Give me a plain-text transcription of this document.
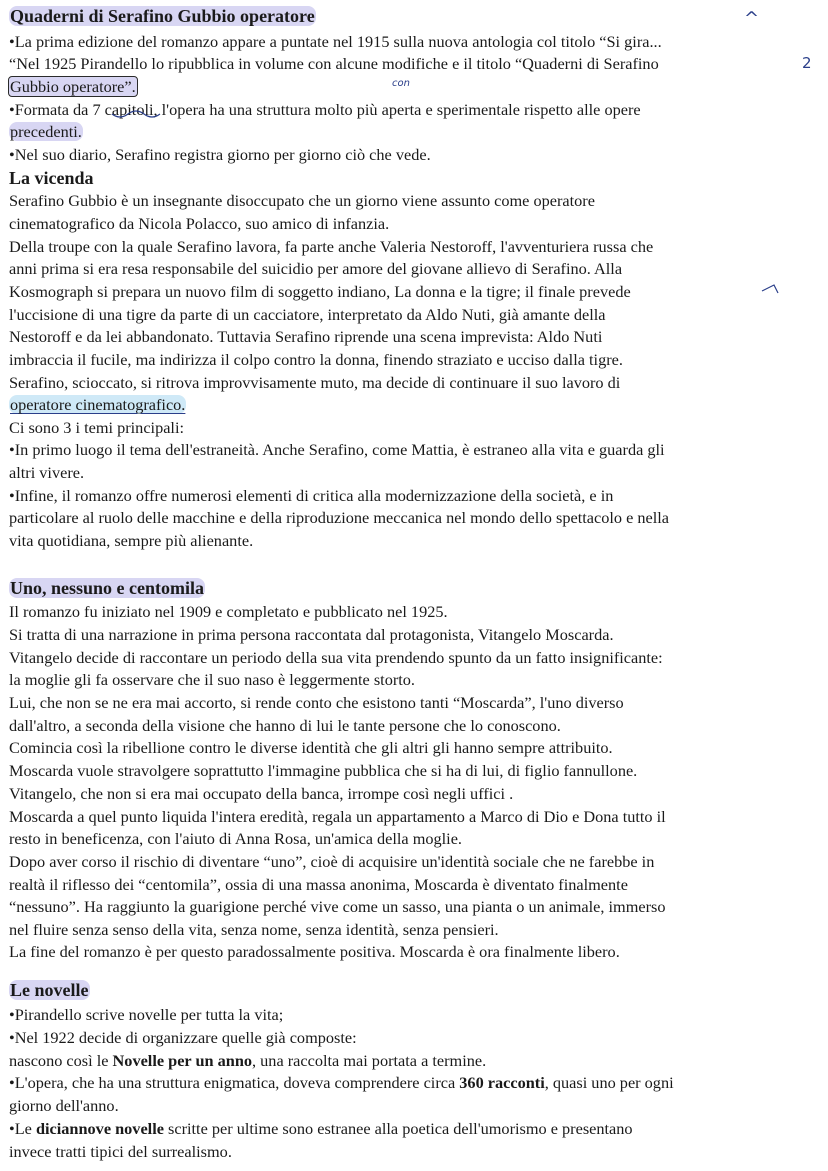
Quaderni di Serafino Gubbio operatore
•La prima edizione del romanzo appare a puntate nel 1915 sulla nuova antologia col titolo “Si gira...
“Nel 1925 Pirandello lo ripubblica in volume con alcune modifiche e il titolo “Quaderni di Serafino
Gubbio operatore”.
•Formata da 7 capitoli, l'opera ha una struttura molto più aperta e sperimentale rispetto alle opere
precedenti.
•Nel suo diario, Serafino registra giorno per giorno ciò che vede.
La vicenda
Serafino Gubbio è un insegnante disoccupato che un giorno viene assunto come operatore
cinematografico da Nicola Polacco, suo amico di infanzia.
Della troupe con la quale Serafino lavora, fa parte anche Valeria Nestoroff, l'avventuriera russa che
anni prima si era resa responsabile del suicidio per amore del giovane allievo di Serafino. Alla
Kosmograph si prepara un nuovo film di soggetto indiano, La donna e la tigre; il finale prevede
l'uccisione di una tigre da parte di un cacciatore, interpretato da Aldo Nuti, già amante della
Nestoroff e da lei abbandonato. Tuttavia Serafino riprende una scena imprevista: Aldo Nuti
imbraccia il fucile, ma indirizza il colpo contro la donna, finendo straziato e ucciso dalla tigre.
Serafino, scioccato, si ritrova improvvisamente muto, ma decide di continuare il suo lavoro di
operatore cinematografico.
Ci sono 3 i temi principali:
•In primo luogo il tema dell'estraneità. Anche Serafino, come Mattia, è estraneo alla vita e guarda gli
altri vivere.
•Infine, il romanzo offre numerosi elementi di critica alla modernizzazione della società, e in
particolare al ruolo delle macchine e della riproduzione meccanica nel mondo dello spettacolo e nella
vita quotidiana, sempre più alienante.
Uno, nessuno e centomila
Il romanzo fu iniziato nel 1909 e completato e pubblicato nel 1925.
Si tratta di una narrazione in prima persona raccontata dal protagonista, Vitangelo Moscarda.
Vitangelo decide di raccontare un periodo della sua vita prendendo spunto da un fatto insignificante:
la moglie gli fa osservare che il suo naso è leggermente storto.
Lui, che non se ne era mai accorto, si rende conto che esistono tanti “Moscarda”, l'uno diverso
dall'altro, a seconda della visione che hanno di lui le tante persone che lo conoscono.
Comincia così la ribellione contro le diverse identità che gli altri gli hanno sempre attribuito.
Moscarda vuole stravolgere soprattutto l'immagine pubblica che si ha di lui, di figlio fannullone.
Vitangelo, che non si era mai occupato della banca, irrompe così negli uffici .
Moscarda a quel punto liquida l'intera eredità, regala un appartamento a Marco di Dio e Dona tutto il
resto in beneficenza, con l'aiuto di Anna Rosa, un'amica della moglie.
Dopo aver corso il rischio di diventare “uno”, cioè di acquisire un'identità sociale che ne farebbe in
realtà il riflesso dei “centomila”, ossia di una massa anonima, Moscarda è diventato finalmente
“nessuno”. Ha raggiunto la guarigione perché vive come un sasso, una pianta o un animale, immerso
nel fluire senza senso della vita, senza nome, senza identità, senza pensieri.
La fine del romanzo è per questo paradossalmente positiva. Moscarda è ora finalmente libero.
Le novelle
•Pirandello scrive novelle per tutta la vita;
•Nel 1922 decide di organizzare quelle già composte:
nascono così le Novelle per un anno, una raccolta mai portata a termine.
•L'opera, che ha una struttura enigmatica, doveva comprendere circa 360 racconti, quasi uno per ogni
giorno dell'anno.
•Le diciannove novelle scritte per ultime sono estranee alla poetica dell'umorismo e presentano
invece tratti tipici del surrealismo.
^
2
con
